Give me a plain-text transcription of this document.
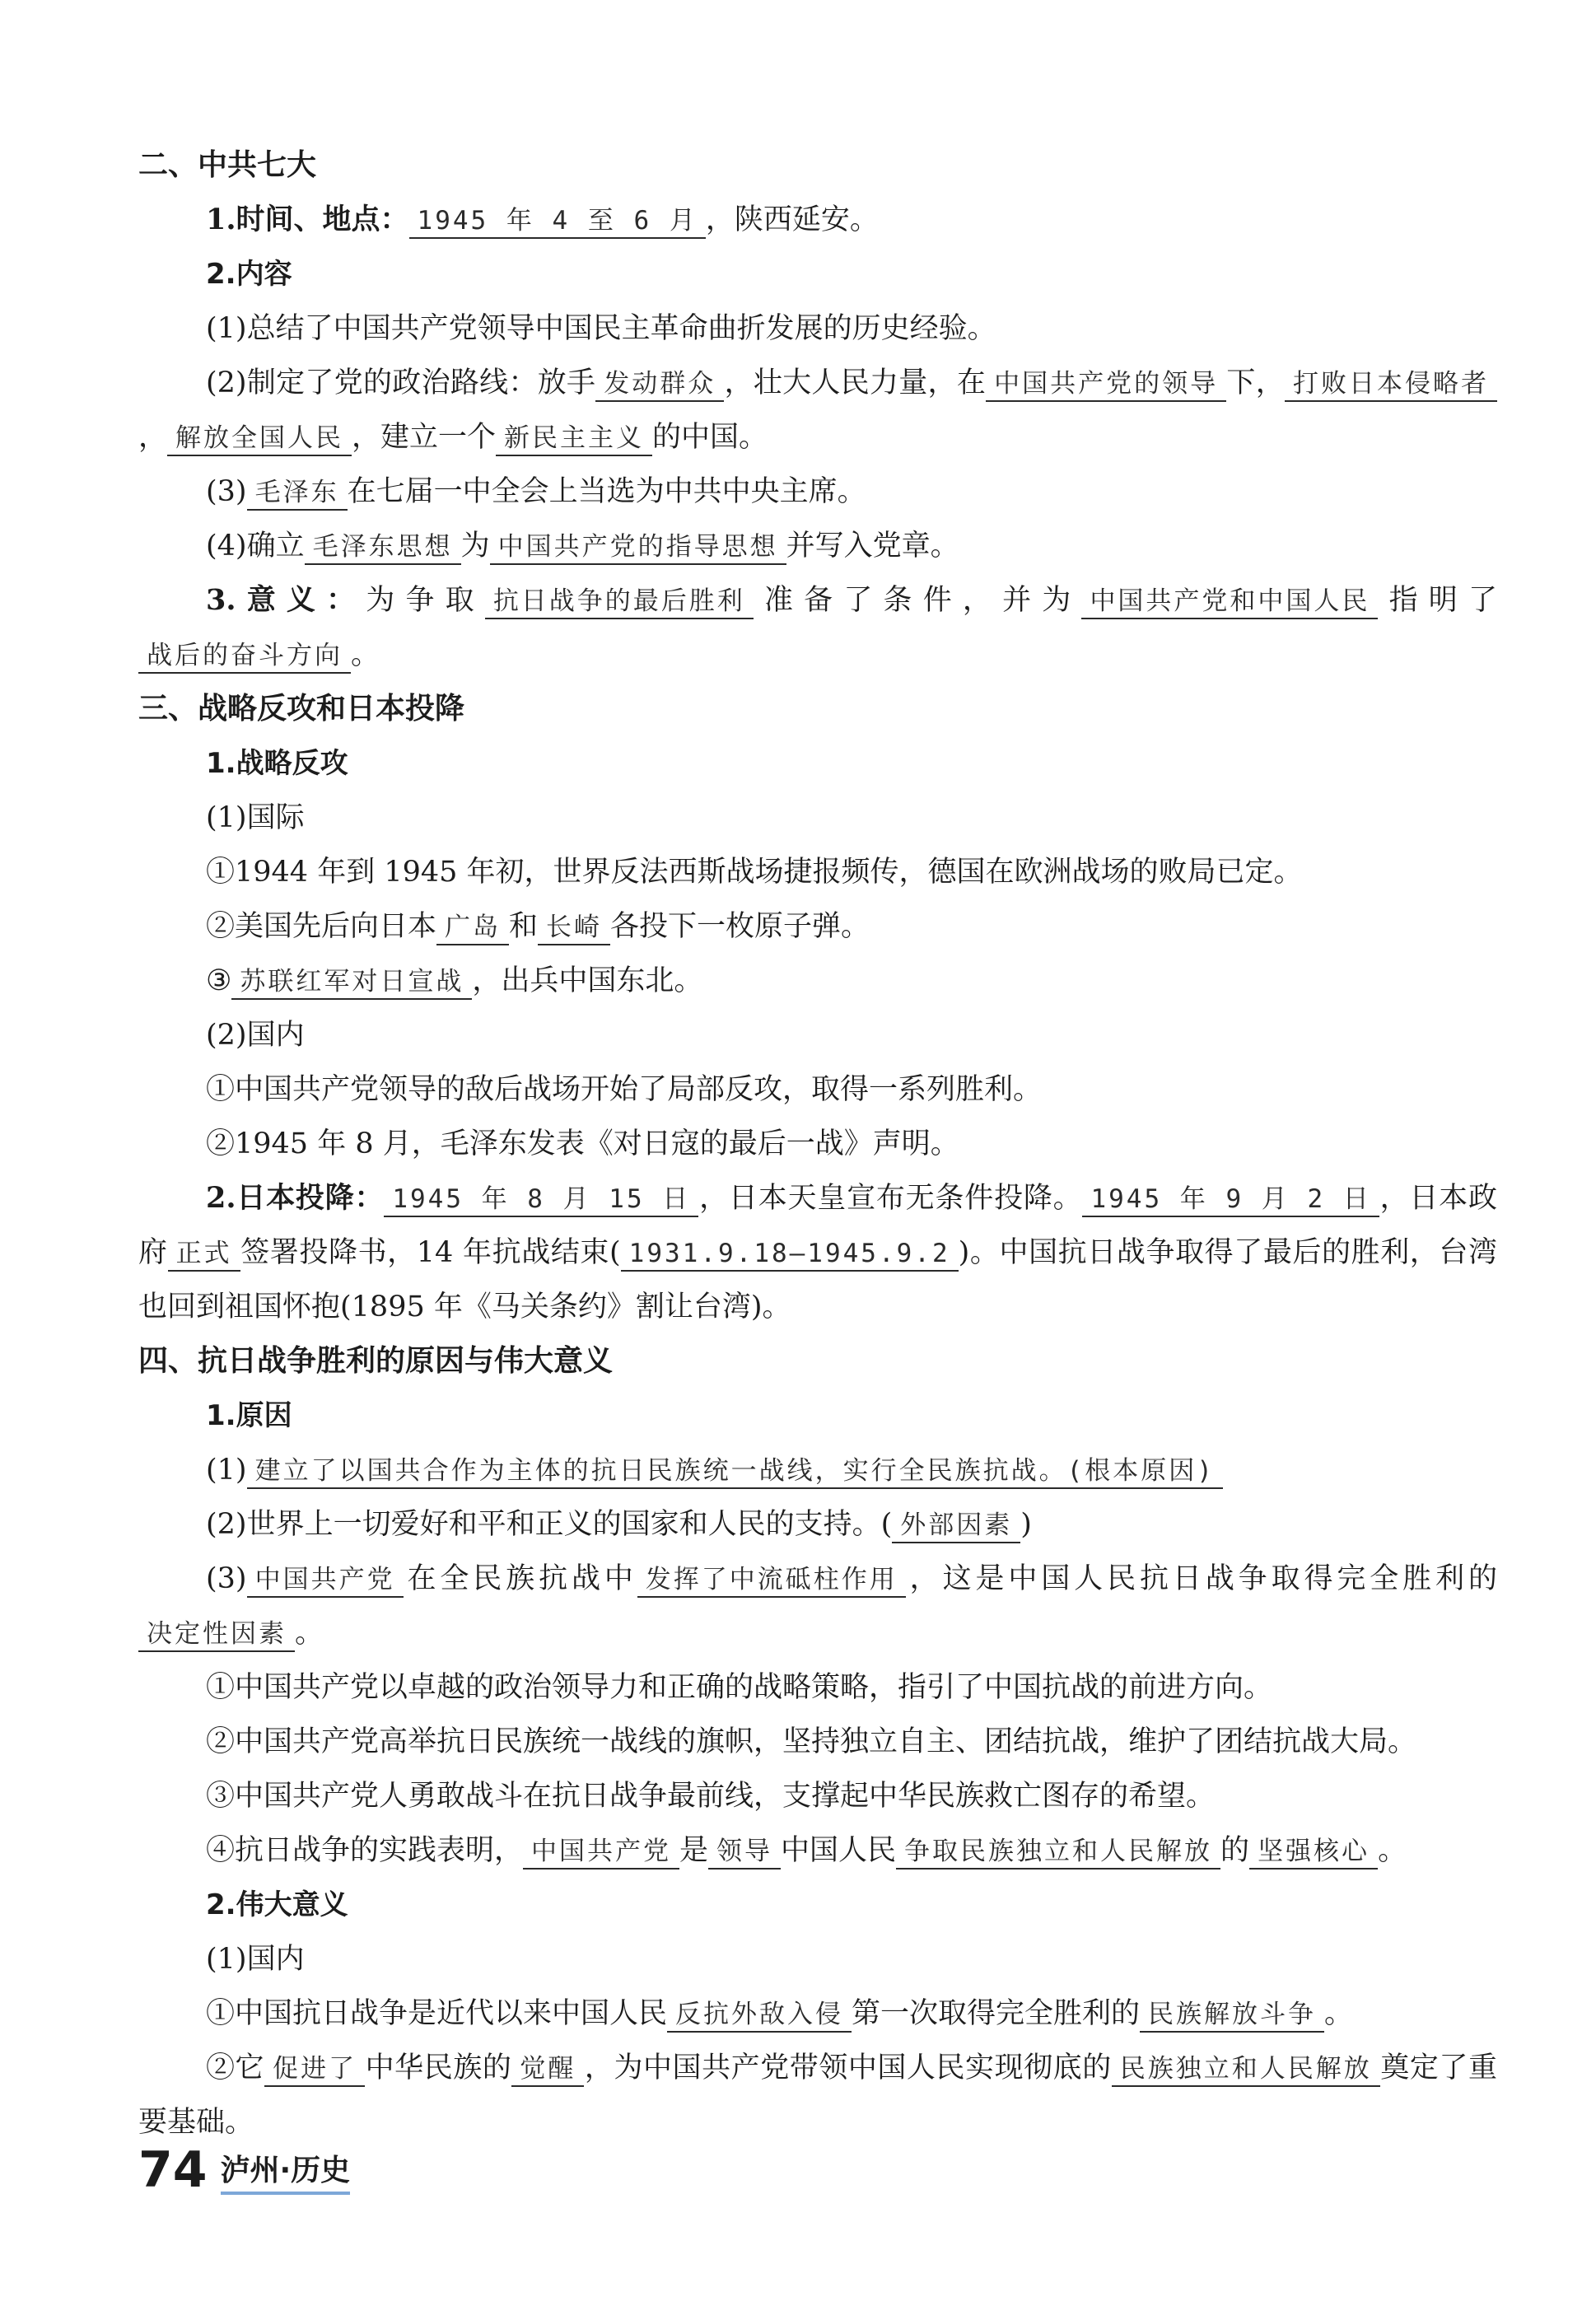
二、中共七大

1.时间、地点： 1945 年 4 至 6 月 ，陕西延安。

2.内容

(1)总结了中国共产党领导中国民主革命曲折发展的历史经验。

(2)制定了党的政治路线：放手 发动群众 ，壮大人民力量，在 中国共产党的领导 下， 打败日本侵略者， 解放全国人民 ，建立一个 新民主主义 的中国。

(3) 毛泽东 在七届一中全会上当选为中共中央主席。

(4)确立 毛泽东思想 为 中国共产党的指导思想 并写入党章。

3.意义：为争取 抗日战争的最后胜利 准备了条件，并为 中国共产党和中国人民 指明了战后的奋斗方向 。

三、战略反攻和日本投降

1.战略反攻

(1)国际

①1944 年到 1945 年初，世界反法西斯战场捷报频传，德国在欧洲战场的败局已定。

②美国先后向日本 广岛 和 长崎 各投下一枚原子弹。

③ 苏联红军对日宣战 ，出兵中国东北。

(2)国内

①中国共产党领导的敌后战场开始了局部反攻，取得一系列胜利。

②1945 年 8 月，毛泽东发表《对日寇的最后一战》声明。

2.日本投降： 1945 年 8 月 15 日 ，日本天皇宣布无条件投降。 1945 年 9 月 2 日 ，日本政府 正式 签署投降书，14 年抗战结束( 1931.9.18—1945.9.2 )。中国抗日战争取得了最后的胜利，台湾也回到祖国怀抱(1895 年《马关条约》割让台湾)。

四、抗日战争胜利的原因与伟大意义

1.原因

(1) 建立了以国共合作为主体的抗日民族统一战线，实行全民族抗战。(根本原因)

(2)世界上一切爱好和平和正义的国家和人民的支持。( 外部因素 )

(3) 中国共产党 在全民族抗战中 发挥了中流砥柱作用 ，这是中国人民抗日战争取得完全胜利的决定性因素 。

①中国共产党以卓越的政治领导力和正确的战略策略，指引了中国抗战的前进方向。

②中国共产党高举抗日民族统一战线的旗帜，坚持独立自主、团结抗战，维护了团结抗战大局。

③中国共产党人勇敢战斗在抗日战争最前线，支撑起中华民族救亡图存的希望。

④抗日战争的实践表明， 中国共产党 是 领导 中国人民 争取民族独立和人民解放 的 坚强核心 。

2.伟大意义

(1)国内

①中国抗日战争是近代以来中国人民 反抗外敌入侵 第一次取得完全胜利的 民族解放斗争 。

②它 促进了 中华民族的 觉醒 ，为中国共产党带领中国人民实现彻底的 民族独立和人民解放 奠定了重要基础。

74 泸州·历史
